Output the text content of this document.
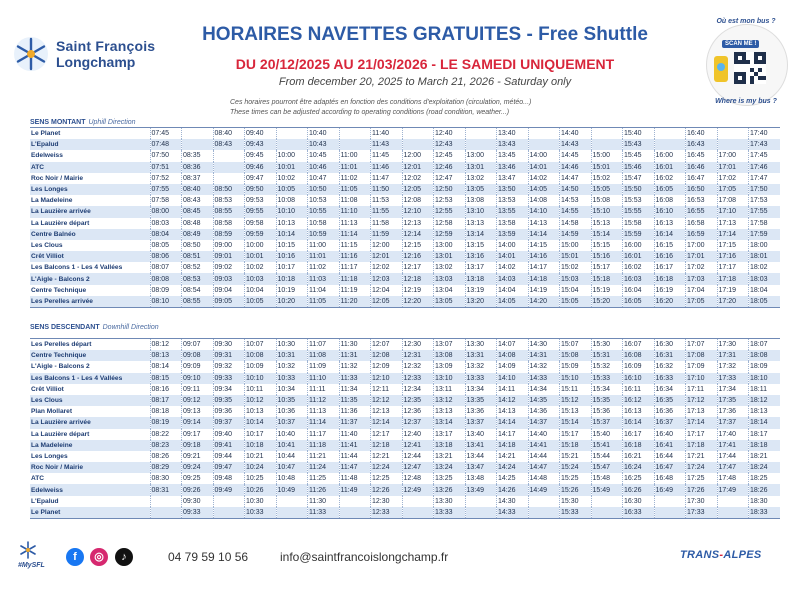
Saint François
Longchamp
HORAIRES NAVETTES GRATUITES - Free Shuttle
DU 20/12/2025 AU 21/03/2026 - LE SAMEDI UNIQUEMENT
From december 20, 2025 to March 21, 2026 - Saturday only
Ces horaires pourront être adaptés en fonction des conditions d'exploitation (circulation, météo...)
These times can be adjusted according to operating conditions (road condition, weather...)
Où est mon bus ?
SCAN ME !
Where is my bus ?
SENS MONTANT Uphill Direction
Le Planet	07:45		08:40	09:40		10:40		11:40		12:40		13:40		14:40		15:40		16:40		17:40
L'Epalud	07:48		08:43	09:43		10:43		11:43		12:43		13:43		14:43		15:43		16:43		17:43
Edelweiss	07:50	08:35		09:45	10:00	10:45	11:00	11:45	12:00	12:45	13:00	13:45	14:00	14:45	15:00	15:45	16:00	16:45	17:00	17:45
ATC	07:51	08:36		09:46	10:01	10:46	11:01	11:46	12:01	12:46	13:01	13:46	14:01	14:46	15:01	15:46	16:01	16:46	17:01	17:46
Roc Noir / Mairie	07:52	08:37		09:47	10:02	10:47	11:02	11:47	12:02	12:47	13:02	13:47	14:02	14:47	15:02	15:47	16:02	16:47	17:02	17:47
Les Longes	07:55	08:40	08:50	09:50	10:05	10:50	11:05	11:50	12:05	12:50	13:05	13:50	14:05	14:50	15:05	15:50	16:05	16:50	17:05	17:50
La Madeleine	07:58	08:43	08:53	09:53	10:08	10:53	11:08	11:53	12:08	12:53	13:08	13:53	14:08	14:53	15:08	15:53	16:08	16:53	17:08	17:53
La Lauzière arrivée	08:00	08:45	08:55	09:55	10:10	10:55	11:10	11:55	12:10	12:55	13:10	13:55	14:10	14:55	15:10	15:55	16:10	16:55	17:10	17:55
La Lauzière départ	08:03	08:48	08:58	09:58	10:13	10:58	11:13	11:58	12:13	12:58	13:13	13:58	14:13	14:58	15:13	15:58	16:13	16:58	17:13	17:58
Centre Balnéo	08:04	08:49	08:59	09:59	10:14	10:59	11:14	11:59	12:14	12:59	13:14	13:59	14:14	14:59	15:14	15:59	16:14	16:59	17:14	17:59
Les Clous	08:05	08:50	09:00	10:00	10:15	11:00	11:15	12:00	12:15	13:00	13:15	14:00	14:15	15:00	15:15	16:00	16:15	17:00	17:15	18:00
Crêt Villiot	08:06	08:51	09:01	10:01	10:16	11:01	11:16	12:01	12:16	13:01	13:16	14:01	14:16	15:01	15:16	16:01	16:16	17:01	17:16	18:01
Les Balcons 1 - Les 4 Vallées	08:07	08:52	09:02	10:02	10:17	11:02	11:17	12:02	12:17	13:02	13:17	14:02	14:17	15:02	15:17	16:02	16:17	17:02	17:17	18:02
L'Aigle - Balcons 2	08:08	08:53	09:03	10:03	10:18	11:03	11:18	12:03	12:18	13:03	13:18	14:03	14:18	15:03	15:18	16:03	16:18	17:03	17:18	18:03
Centre Technique	08:09	08:54	09:04	10:04	10:19	11:04	11:19	12:04	12:19	13:04	13:19	14:04	14:19	15:04	15:19	16:04	16:19	17:04	17:19	18:04
Les Perelles arrivée	08:10	08:55	09:05	10:05	10:20	11:05	11:20	12:05	12:20	13:05	13:20	14:05	14:20	15:05	15:20	16:05	16:20	17:05	17:20	18:05
SENS DESCENDANT Downhill Direction
Les Perelles départ	08:12	09:07	09:30	10:07	10:30	11:07	11:30	12:07	12:30	13:07	13:30	14:07	14:30	15:07	15:30	16:07	16:30	17:07	17:30	18:07
Centre Technique	08:13	09:08	09:31	10:08	10:31	11:08	11:31	12:08	12:31	13:08	13:31	14:08	14:31	15:08	15:31	16:08	16:31	17:08	17:31	18:08
L'Aigle - Balcons 2	08:14	09:09	09:32	10:09	10:32	11:09	11:32	12:09	12:32	13:09	13:32	14:09	14:32	15:09	15:32	16:09	16:32	17:09	17:32	18:09
Les Balcons 1 - Les 4 Vallées	08:15	09:10	09:33	10:10	10:33	11:10	11:33	12:10	12:33	13:10	13:33	14:10	14:33	15:10	15:33	16:10	16:33	17:10	17:33	18:10
Crêt Villiot	08:16	09:11	09:34	10:11	10:34	11:11	11:34	12:11	12:34	13:11	13:34	14:11	14:34	15:11	15:34	16:11	16:34	17:11	17:34	18:11
Les Clous	08:17	09:12	09:35	10:12	10:35	11:12	11:35	12:12	12:35	13:12	13:35	14:12	14:35	15:12	15:35	16:12	16:35	17:12	17:35	18:12
Plan Mollaret	08:18	09:13	09:36	10:13	10:36	11:13	11:36	12:13	12:36	13:13	13:36	14:13	14:36	15:13	15:36	16:13	16:36	17:13	17:36	18:13
La Lauzière arrivée	08:19	09:14	09:37	10:14	10:37	11:14	11:37	12:14	12:37	13:14	13:37	14:14	14:37	15:14	15:37	16:14	16:37	17:14	17:37	18:14
La Lauzière départ	08:22	09:17	09:40	10:17	10:40	11:17	11:40	12:17	12:40	13:17	13:40	14:17	14:40	15:17	15:40	16:17	16:40	17:17	17:40	18:17
La Madeleine	08:23	09:18	09:41	10:18	10:41	11:18	11:41	12:18	12:41	13:18	13:41	14:18	14:41	15:18	15:41	16:18	16:41	17:18	17:41	18:18
Les Longes	08:26	09:21	09:44	10:21	10:44	11:21	11:44	12:21	12:44	13:21	13:44	14:21	14:44	15:21	15:44	16:21	16:44	17:21	17:44	18:21
Roc Noir / Mairie	08:29	09:24	09:47	10:24	10:47	11:24	11:47	12:24	12:47	13:24	13:47	14:24	14:47	15:24	15:47	16:24	16:47	17:24	17:47	18:24
ATC	08:30	09:25	09:48	10:25	10:48	11:25	11:48	12:25	12:48	13:25	13:48	14:25	14:48	15:25	15:48	16:25	16:48	17:25	17:48	18:25
Edelweiss	08:31	09:26	09:49	10:26	10:49	11:26	11:49	12:26	12:49	13:26	13:49	14:26	14:49	15:26	15:49	16:26	16:49	17:26	17:49	18:26
L'Epalud		09:30		10:30		11:30		12:30		13:30		14:30		15:30		16:30		17:30		18:30
Le Planet		09:33		10:33		11:33		12:33		13:33		14:33		15:33		16:33		17:33		18:33
#MySFL
f	◎	♪	04 79 59 10 56	info@saintfrancoislongchamp.fr	TRANS-ALPES
